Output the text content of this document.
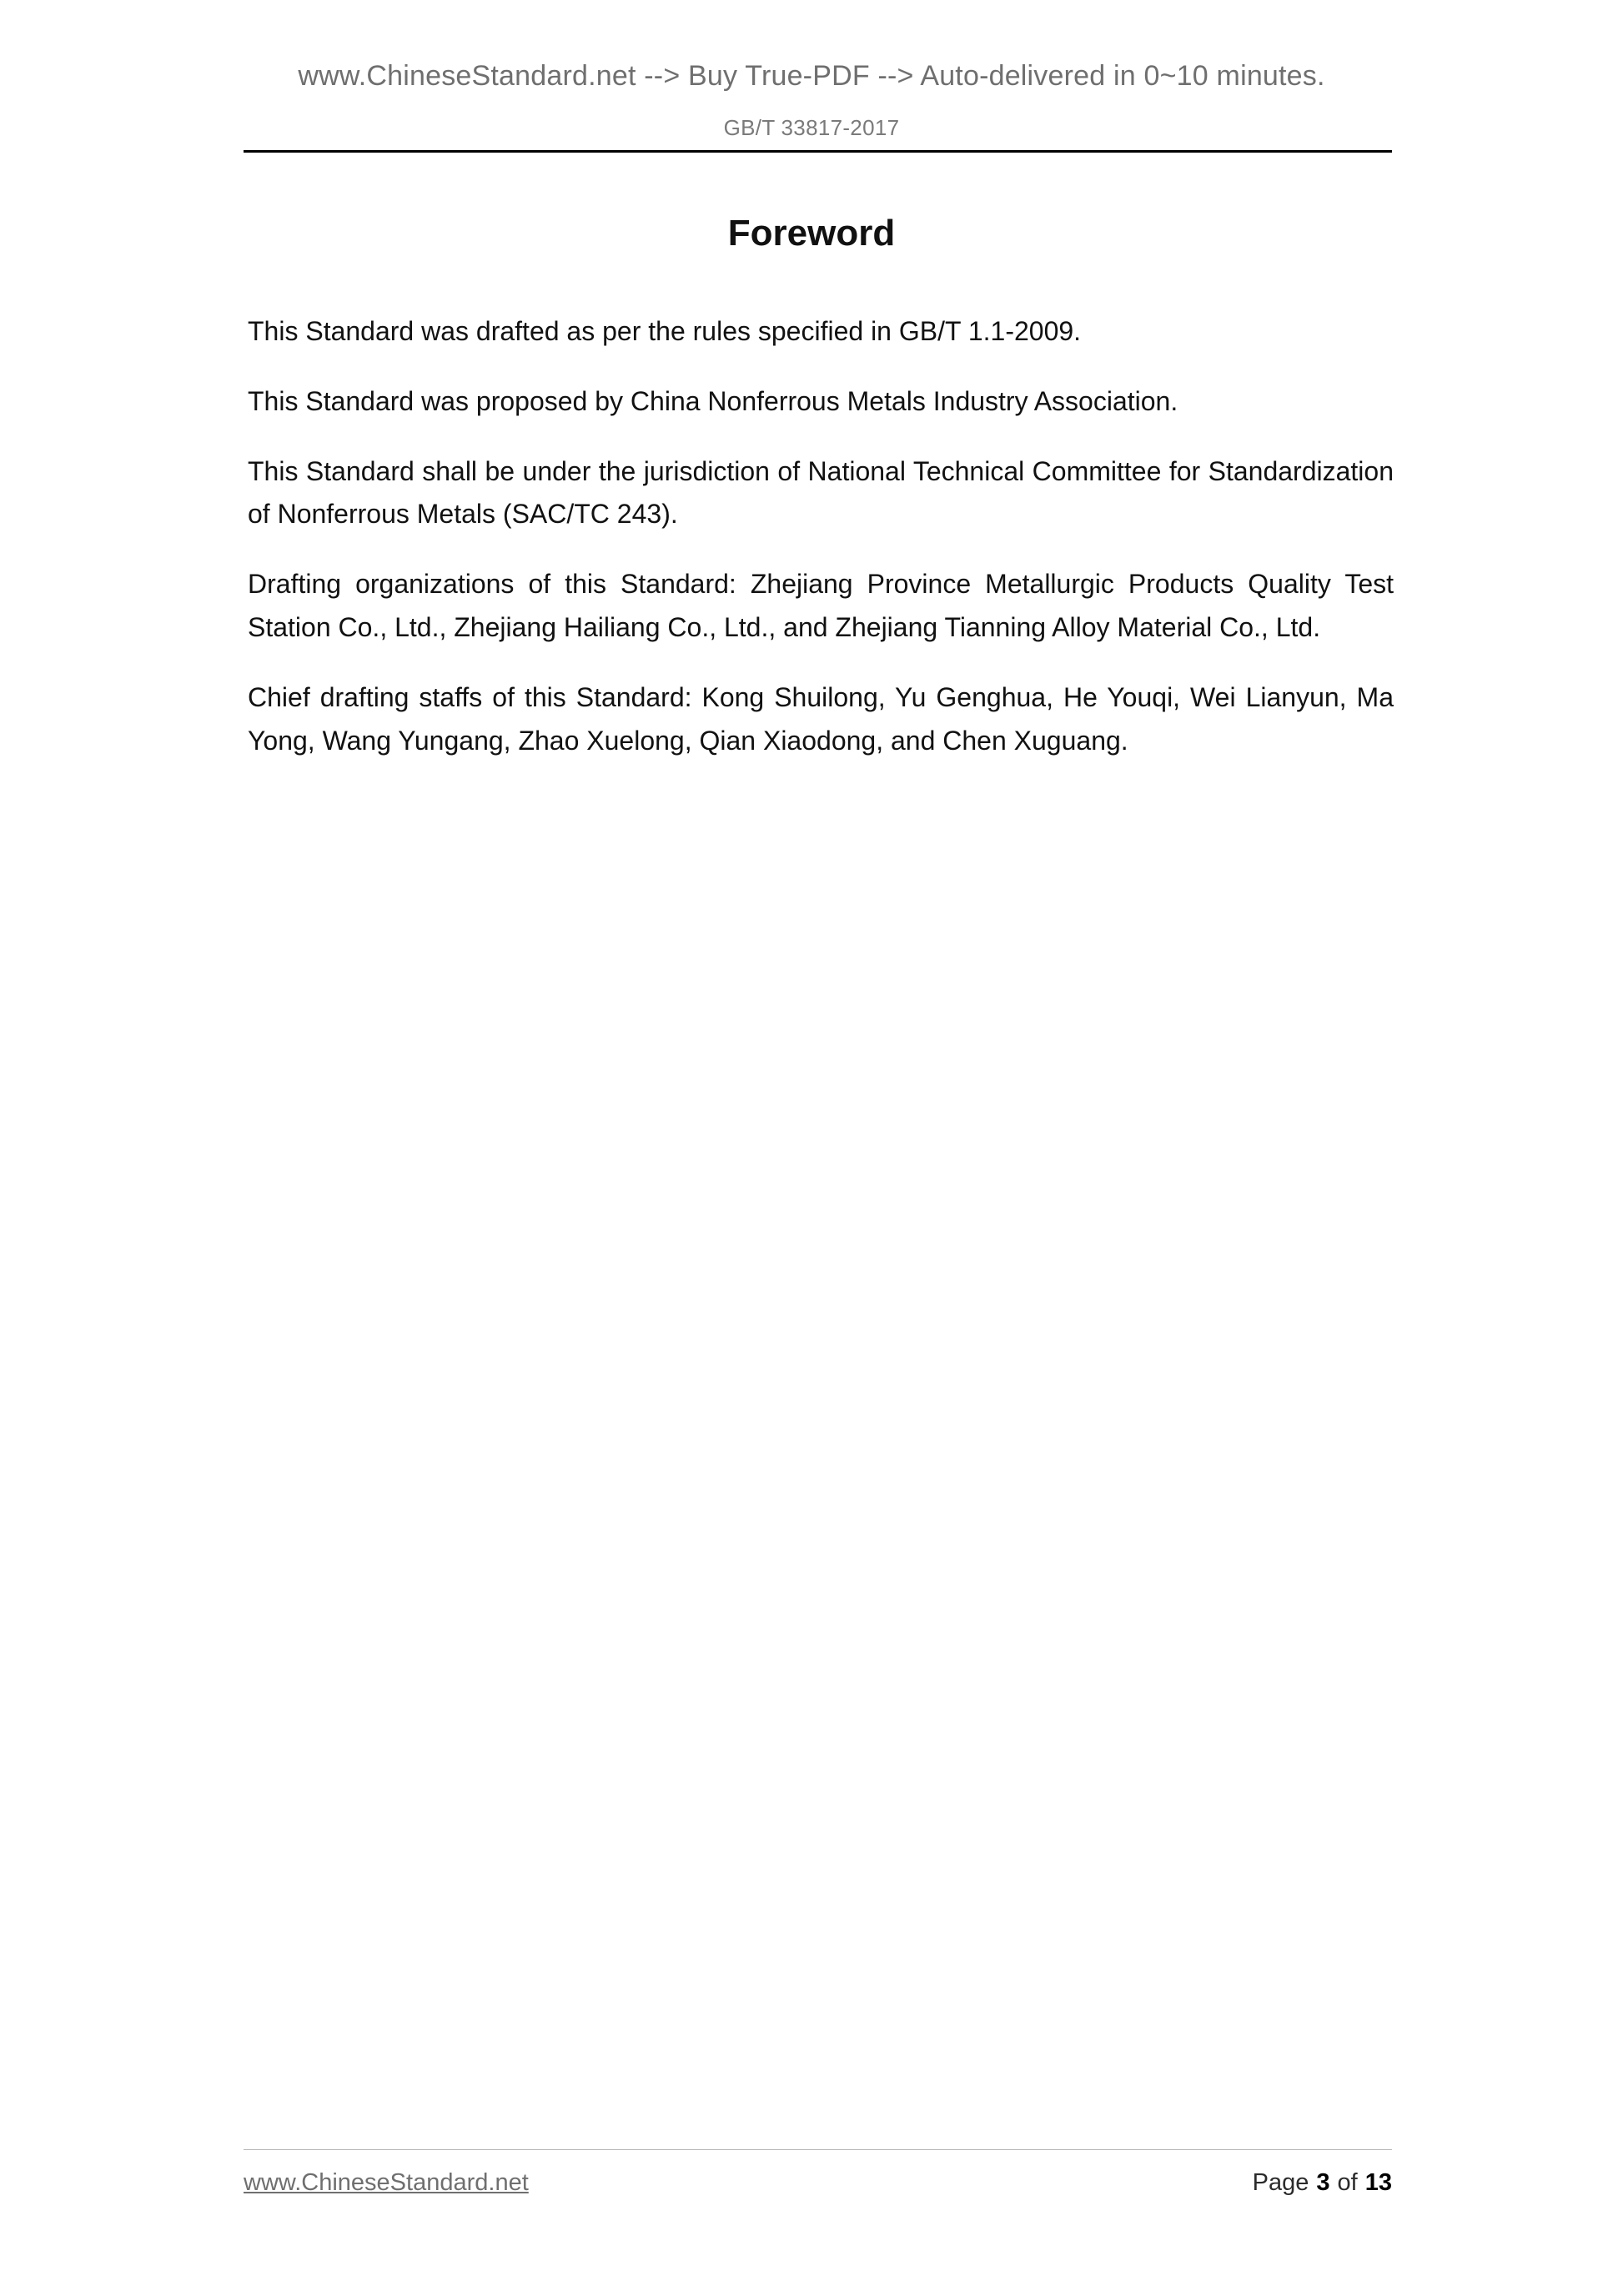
www.ChineseStandard.net --> Buy True-PDF --> Auto-delivered in 0~10 minutes.
GB/T 33817-2017
Foreword

This Standard was drafted as per the rules specified in GB/T 1.1-2009.

This Standard was proposed by China Nonferrous Metals Industry Association.

This Standard shall be under the jurisdiction of National Technical Committee for Standardization of Nonferrous Metals (SAC/TC 243).

Drafting organizations of this Standard: Zhejiang Province Metallurgic Products Quality Test Station Co., Ltd., Zhejiang Hailiang Co., Ltd., and Zhejiang Tianning Alloy Material Co., Ltd.

Chief drafting staffs of this Standard: Kong Shuilong, Yu Genghua, He Youqi, Wei Lianyun, Ma Yong, Wang Yungang, Zhao Xuelong, Qian Xiaodong, and Chen Xuguang.

www.ChineseStandard.net	Page 3 of 13
